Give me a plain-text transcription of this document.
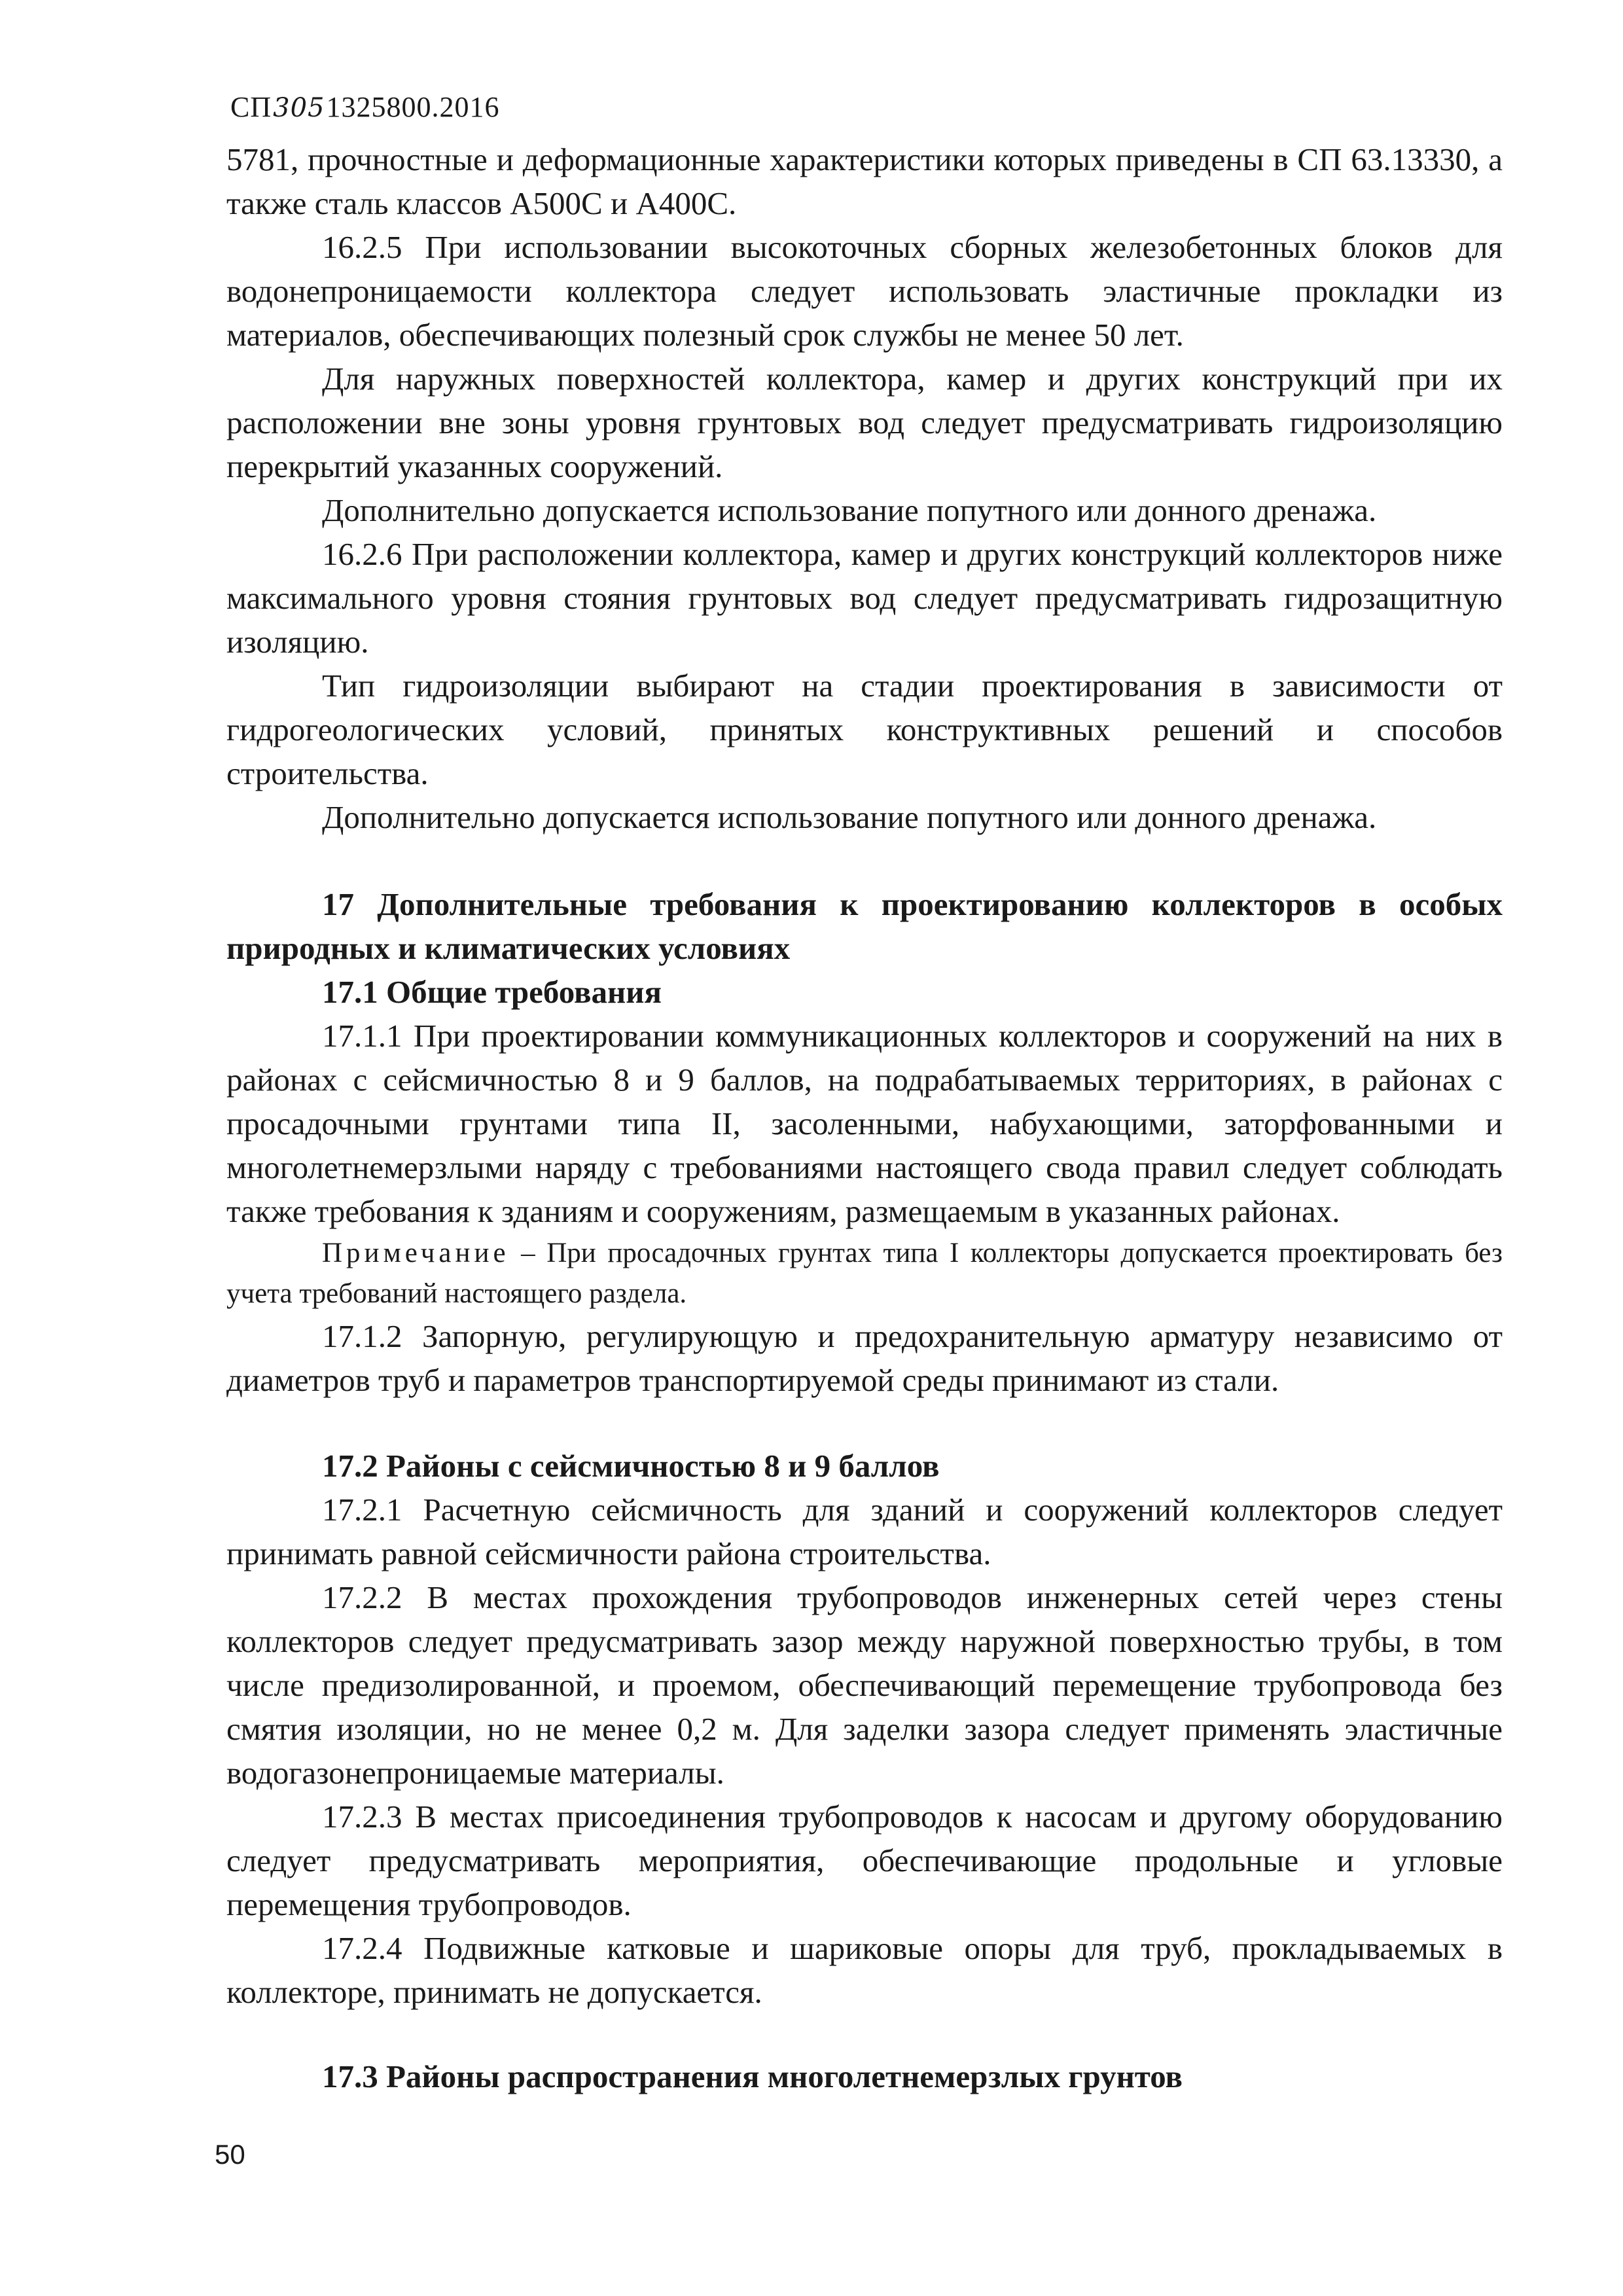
СП3051325800.2016

5781, прочностные и деформационные характеристики которых приведены в СП 63.13330, а также сталь классов А500С и А400С.

16.2.5 При использовании высокоточных сборных железобетонных блоков для водонепроницаемости коллектора следует использовать эластичные прокладки из материалов, обеспечивающих полезный срок службы не менее 50 лет.

Для наружных поверхностей коллектора, камер и других конструкций при их расположении вне зоны уровня грунтовых вод следует предусматривать гидроизоляцию перекрытий указанных сооружений.

Дополнительно допускается использование попутного или донного дренажа.

16.2.6 При расположении коллектора, камер и других конструкций коллекторов ниже максимального уровня стояния грунтовых вод следует предусматривать гидрозащитную изоляцию.

Тип гидроизоляции выбирают на стадии проектирования в зависимости от гидрогеологических условий, принятых конструктивных решений и способов строительства.

Дополнительно допускается использование попутного или донного дренажа.

17 Дополнительные требования к проектированию коллекторов в особых природных и климатических условиях

17.1 Общие требования

17.1.1 При проектировании коммуникационных коллекторов и сооружений на них в районах с сейсмичностью 8 и 9 баллов, на подрабатываемых территориях, в районах с просадочными грунтами типа II, засоленными, набухающими, заторфованными и многолетнемерзлыми наряду с требованиями настоящего свода правил следует соблюдать также требования к зданиям и сооружениям, размещаемым в указанных районах.

Примечание – При просадочных грунтах типа I коллекторы допускается проектировать без учета требований настоящего раздела.

17.1.2 Запорную, регулирующую и предохранительную арматуру независимо от диаметров труб и параметров транспортируемой среды принимают из стали.

17.2 Районы с сейсмичностью 8 и 9 баллов

17.2.1 Расчетную сейсмичность для зданий и сооружений коллекторов следует принимать равной сейсмичности района строительства.

17.2.2 В местах прохождения трубопроводов инженерных сетей через стены коллекторов следует предусматривать зазор между наружной поверхностью трубы, в том числе предизолированной, и проемом, обеспечивающий перемещение трубопровода без смятия изоляции, но не менее 0,2 м. Для заделки зазора следует применять эластичные водогазонепроницаемые материалы.

17.2.3 В местах присоединения трубопроводов к насосам и другому оборудованию следует предусматривать мероприятия, обеспечивающие продольные и угловые перемещения трубопроводов.

17.2.4 Подвижные катковые и шариковые опоры для труб, прокладываемых в коллекторе, принимать не допускается.

17.3 Районы распространения многолетнемерзлых грунтов

50
